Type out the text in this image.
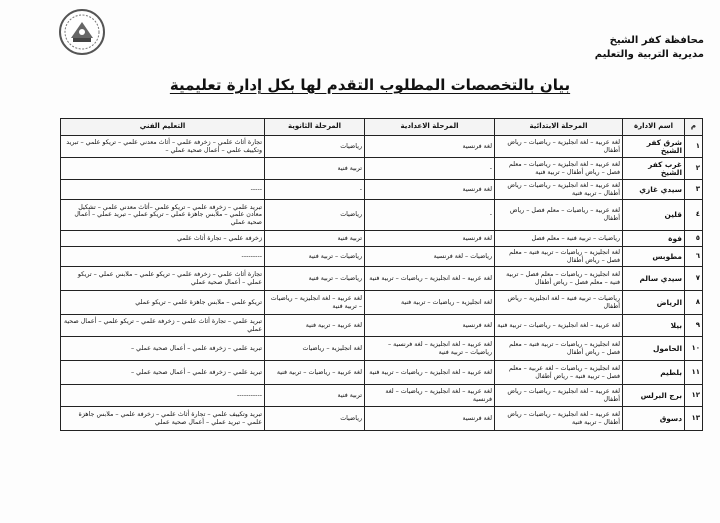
محافظة كفر الشيخ
مديرية التربية والتعليم
بيان بالتخصصات المطلوب التقدم لها بكل إدارة تعليمية
م	اسم الادارة	المرحلة الابتدائية	المرحلة الاعدادية	المرحلة الثانوية	التعليم الفني
١	شرق كفر الشيخ	لغة عربية – لغة انجليزية – رياضيات – رياض أطفال	لغة فرنسية	رياضيات	تجارة أثاث علمي – زخرفة علمي – أثاث معدني علمي – تريكو علمي – تبريد وتكييف علمي – أعمال صحية عملي –
٢	غرب كفر الشيخ	لغة عربية – لغة انجليزية – رياضيات – معلم فصل – رياض أطفال – تربية فنية	-	تربية فنية	
٣	سيدي غازي	لغة عربية – لغة انجليزية – رياضيات – رياض أطفال – تربية فنية	لغة فرنسية	-	-----
٤	قلين	لغة عربية – رياضيات – معلم فصل – رياض أطفال	-	رياضيات	تبريد علمي – زخرفة علمي – تريكو علمي –أثاث معدني علمي – تشكيل معادن علمي – ملابس جاهزة عملي – تريكو عملي – تبريد عملي – أعمال صحية عملي
٥	فوة	رياضيات – تربية فنية – معلم فصل	لغة فرنسية	تربية فنية	زخرفة علمي – تجارة أثاث علمي
٦	مطوبس	لغة انجليزية – رياضيات – تربية فنية – معلم فصل – رياض أطفال	رياضيات – لغة فرنسية	رياضيات – تربية فنية	---------
٧	سيدي سالم	لغة انجليزية – رياضيات – معلم فصل – تربية فنية – معلم فصل – رياض أطفال	لغة عربية – لغة انجليزية – رياضيات – تربية فنية	رياضيات – تربية فنية	تجارة أثاث علمي – زخرفة علمي – تريكو علمي – ملابس عملي – تريكو عملي – أعمال صحية عملي
٨	الرياض	رياضيات – تربية فنية – لغة انجليزية – رياض أطفال	لغة انجليزية – رياضيات – تربية فنية	لغة عربية – لغة انجليزية – رياضيات – تربية فنية	تريكو علمي – ملابس جاهزة علمي – تريكو عملي
٩	بيلا	لغة عربية – لغة انجليزية – رياضيات – تربية فنية	لغة فرنسية	لغة عربية – تربية فنية	تبريد علمي – تجارة أثاث علمي – زخرفة علمي – تريكو علمي – أعمال صحية عملي
١٠	الحامول	لغة انجليزية – رياضيات – تربية فنية – معلم فصل – رياض أطفال	لغة عربية – لغة انجليزية – لغة فرنسية – رياضيات – تربية فنية	لغة انجليزية – رياضيات	تبريد علمي – زخرفة علمي – أعمال صحية عملي –
١١	بلطيم	لغة انجليزية – رياضيات – لغة عربية – معلم فصل – تربية فنية – رياض أطفال	لغة عربية – لغة انجليزية – رياضيات – تربية فنية	لغة عربية – رياضيات – تربية فنية	تبريد علمي – زخرفة علمي – أعمال صحية عملي –
١٢	برج البرلس	لغة عربية – لغة انجليزية – رياضيات – رياض أطفال	لغة عربية – لغة انجليزية – رياضيات – لغة فرنسية	تربية فنية	-----------
١٣	دسوق	لغة عربية – لغة انجليزية – رياضيات – رياض أطفال – تربية فنية	لغة فرنسية	رياضيات	تبريد وتكييف علمي – تجارة أثاث علمي – زخرفة علمي – ملابس جاهزة علمي – تبريد عملي – أعمال صحية عملي
